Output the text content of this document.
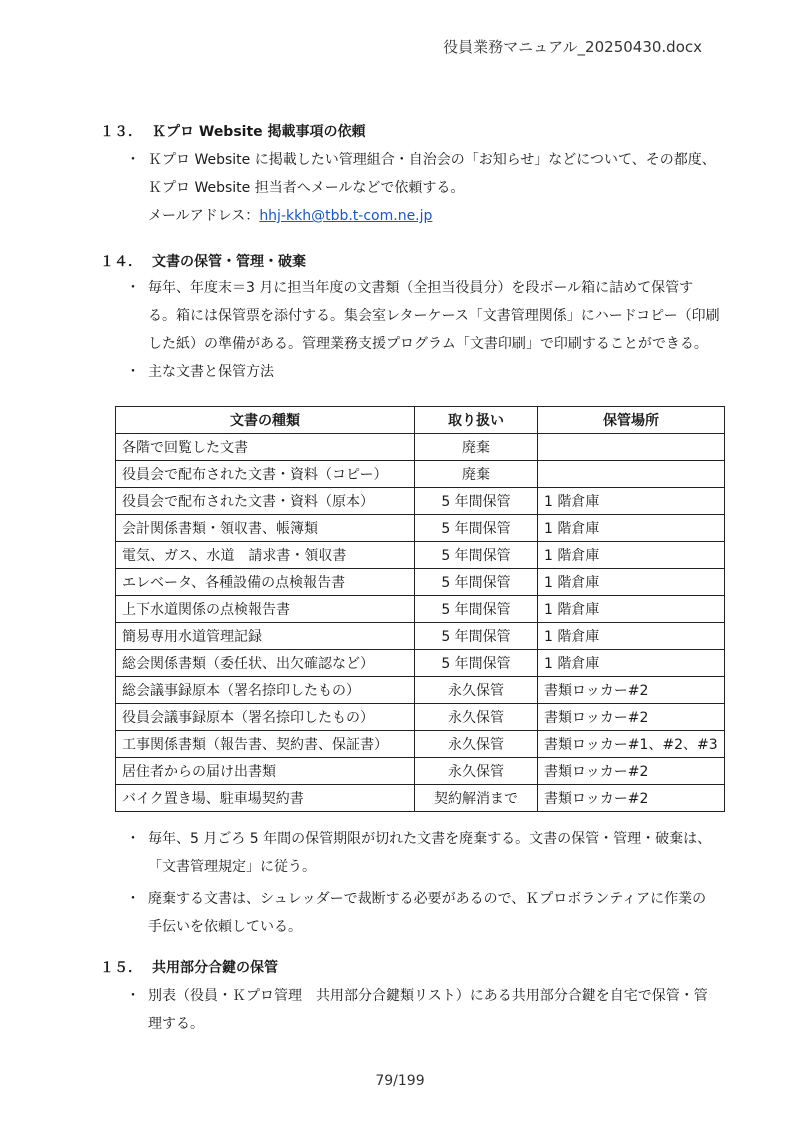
役員業務マニュアル_20250430.docx
１３． Ｋプロ Website 掲載事項の依頼
・ Ｋプロ Website に掲載したい管理組合・自治会の「お知らせ」などについて、その都度、Ｋプロ Website 担当者へメールなどで依頼する。
メールアドレス：hhj-kkh@tbb.t-com.ne.jp
１４． 文書の保管・管理・破棄
・ 毎年、年度末＝3 月に担当年度の文書類（全担当役員分）を段ボール箱に詰めて保管する。箱には保管票を添付する。集会室レターケース「文書管理関係」にハードコピー（印刷した紙）の準備がある。管理業務支援プログラム「文書印刷」で印刷することができる。
・ 主な文書と保管方法
文書の種類	取り扱い	保管場所
各階で回覧した文書	廃棄	
役員会で配布された文書・資料（コピー）	廃棄	
役員会で配布された文書・資料（原本）	5 年間保管	1 階倉庫
会計関係書類・領収書、帳簿類	5 年間保管	1 階倉庫
電気、ガス、水道　請求書・領収書	5 年間保管	1 階倉庫
エレベータ、各種設備の点検報告書	5 年間保管	1 階倉庫
上下水道関係の点検報告書	5 年間保管	1 階倉庫
簡易専用水道管理記録	5 年間保管	1 階倉庫
総会関係書類（委任状、出欠確認など）	5 年間保管	1 階倉庫
総会議事録原本（署名捺印したもの）	永久保管	書類ロッカー#2
役員会議事録原本（署名捺印したもの）	永久保管	書類ロッカー#2
工事関係書類（報告書、契約書、保証書）	永久保管	書類ロッカー#1、#2、#3
居住者からの届け出書類	永久保管	書類ロッカー#2
バイク置き場、駐車場契約書	契約解消まで	書類ロッカー#2
・ 毎年、5 月ごろ 5 年間の保管期限が切れた文書を廃棄する。文書の保管・管理・破棄は、「文書管理規定」に従う。
・ 廃棄する文書は、シュレッダーで裁断する必要があるので、Ｋプロボランティアに作業の手伝いを依頼している。
１５． 共用部分合鍵の保管
・ 別表（役員・Ｋプロ管理　共用部分合鍵類リスト）にある共用部分合鍵を自宅で保管・管理する。
79/199
